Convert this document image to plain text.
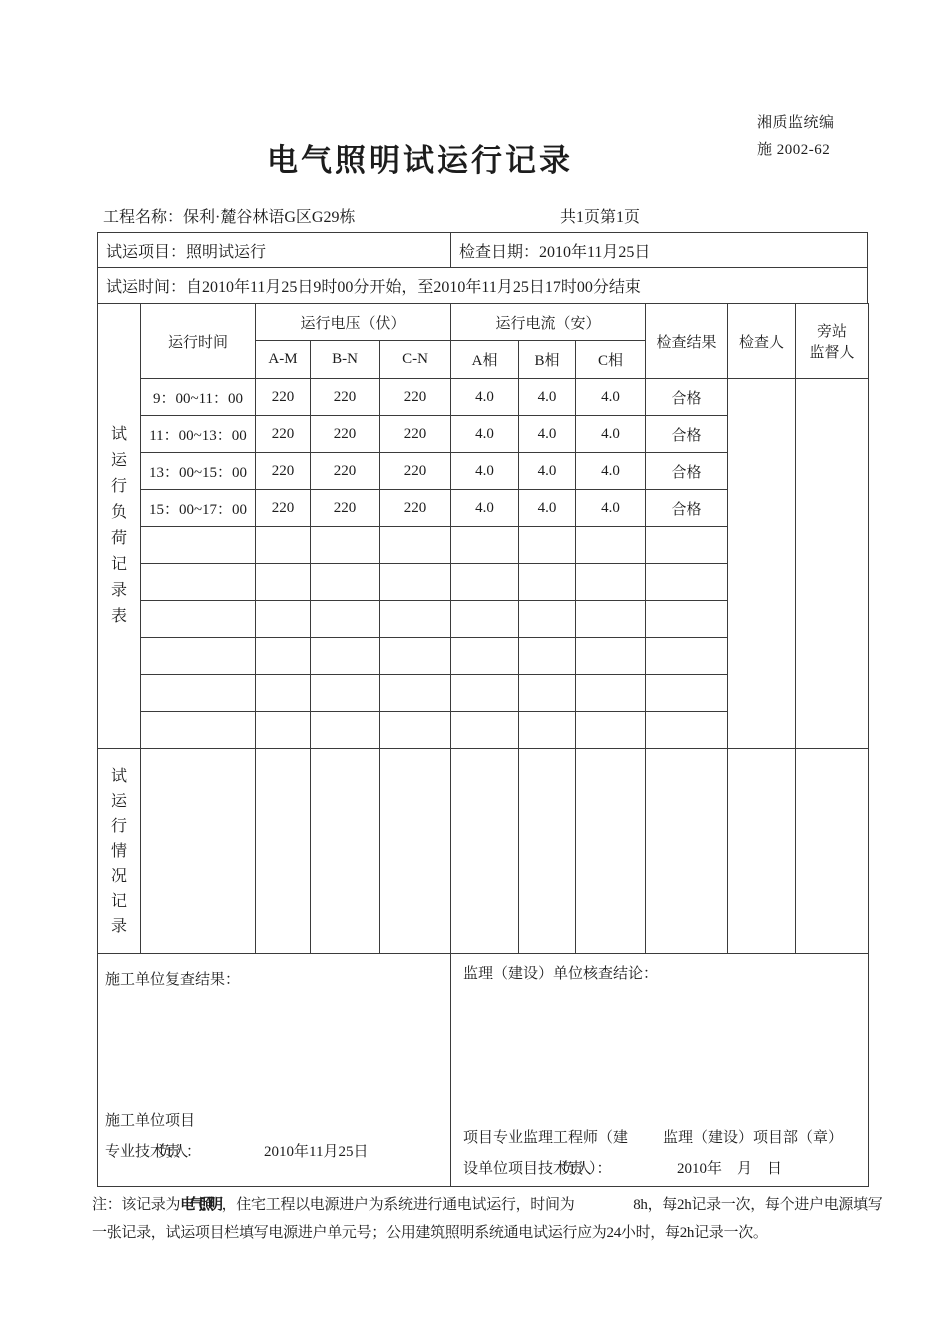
湘质监统编
施 2002-62
电气照明试运行记录
工程名称：保利·麓谷林语G区G29栋	共1页第1页
试运项目：照明试运行	检查日期：2010年11月25日
试运时间：自2010年11月25日9时00分开始，至2010年11月25日17时00分结束
试运行负荷记录表	运行时间	运行电压（伏）			运行电流（安）			检查结果	检查人	旁站
监督人

		A-M	B-N	C-N	A相	B相	C相			
	9：00~11：00	220	220	220	4.0	4.0	4.0	合格		
	11：00~13：00	220	220	220	4.0	4.0	4.0	合格		
	13：00~15：00	220	220	220	4.0	4.0	4.0	合格		
	15：00~17：00	220	220	220	4.0	4.0	4.0	合格		

试运行情况记录										

施工单位复查结果：
施工单位项目
专业技术负责人 ：	2010年11月25日

监理（建设）单位核查结论：
项目专业监理工程师（建 监理（建设）项目部（章）
设单位项目技术负责人 ）：	2010年　月　日
注：该记录为电气照明 ，住宅工程以电源进户为系统进行通电试运行，时间为　　　　8h，每2h记录一次，每个进户电源填写一张记录，试运项目栏填写电源进户单元号；公用建筑照明系统通电试运行应为24小时，每2h记录一次。
